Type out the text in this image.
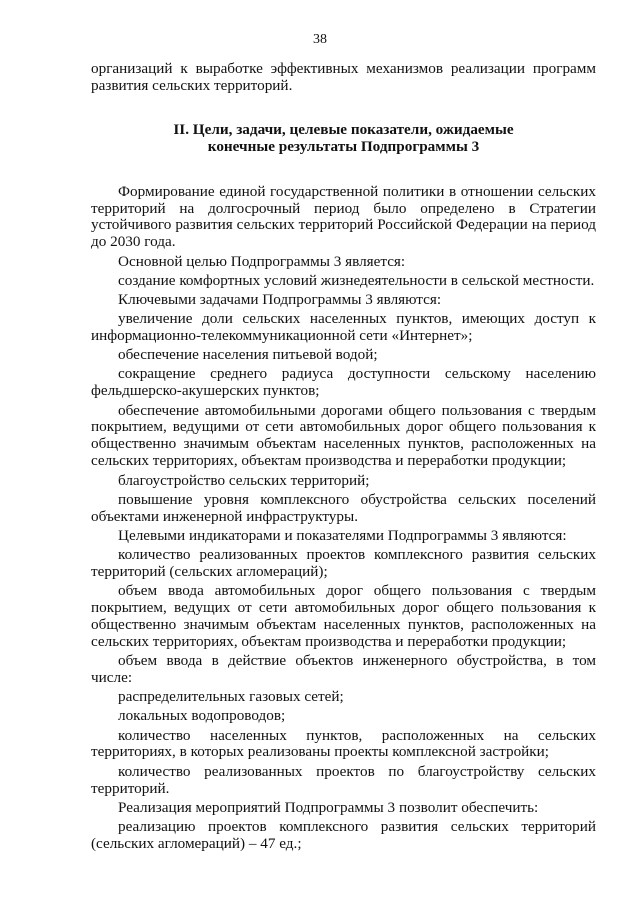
38

организаций к выработке эффективных механизмов реализации программ развития сельских территорий.

II. Цели, задачи, целевые показатели, ожидаемые
конечные результаты Подпрограммы 3

Формирование единой государственной политики в отношении сельских территорий на долгосрочный период было определено в Стратегии устойчивого развития сельских территорий Российской Федерации на период до 2030 года.

Основной целью Подпрограммы 3 является:

создание комфортных условий жизнедеятельности в сельской местности.

Ключевыми задачами Подпрограммы 3 являются:

увеличение доли сельских населенных пунктов, имеющих доступ к информационно-телекоммуникационной сети «Интернет»;

обеспечение населения питьевой водой;

сокращение среднего радиуса доступности сельскому населению фельдшерско-акушерских пунктов;

обеспечение автомобильными дорогами общего пользования с твердым покрытием, ведущими от сети автомобильных дорог общего пользования к общественно значимым объектам населенных пунктов, расположенных на сельских территориях, объектам производства и переработки продукции;

благоустройство сельских территорий;

повышение уровня комплексного обустройства сельских поселений объектами инженерной инфраструктуры.

Целевыми индикаторами и показателями Подпрограммы 3 являются:

количество реализованных проектов комплексного развития сельских территорий (сельских агломераций);

объем ввода автомобильных дорог общего пользования с твердым покрытием, ведущих от сети автомобильных дорог общего пользования к общественно значимым объектам населенных пунктов, расположенных на сельских территориях, объектам производства и переработки продукции;

объем ввода в действие объектов инженерного обустройства, в том числе:

распределительных газовых сетей;

локальных водопроводов;

количество населенных пунктов, расположенных на сельских территориях, в которых реализованы проекты комплексной застройки;

количество реализованных проектов по благоустройству сельских территорий.

Реализация мероприятий Подпрограммы 3 позволит обеспечить:

реализацию проектов комплексного развития сельских территорий (сельских агломераций) – 47 ед.;
